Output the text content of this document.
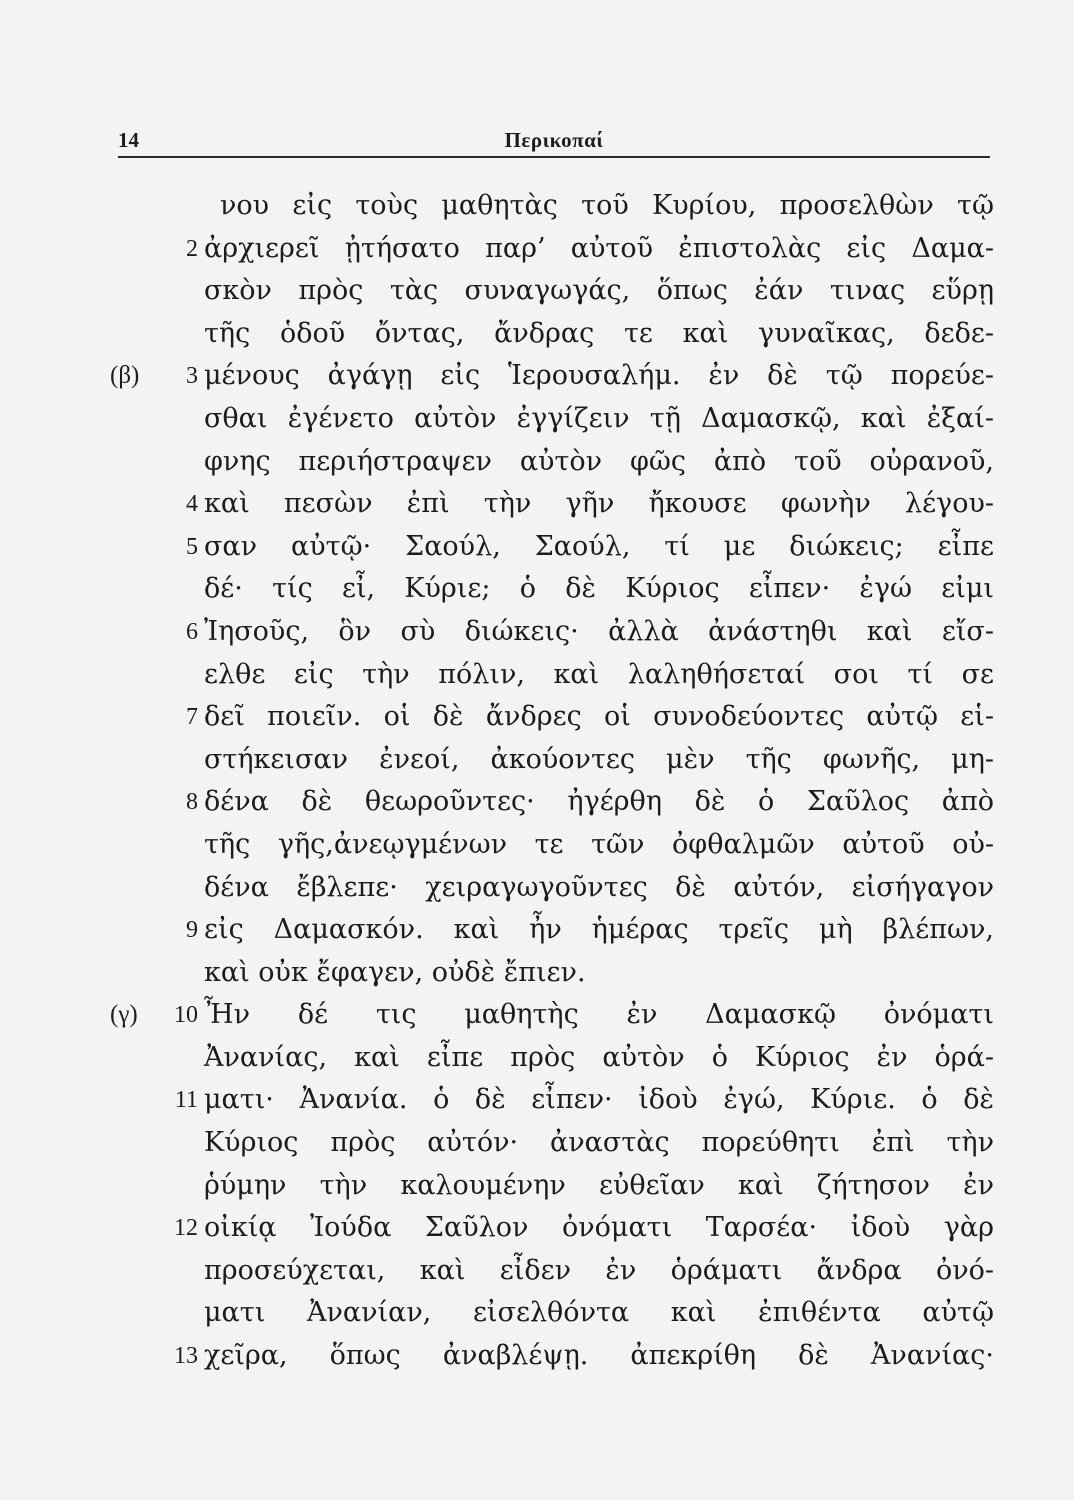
14	Περικοπαί
νου εἰς τοὺς μαθητὰς τοῦ Κυρίου, προσελθὼν τῷ
2 ἀρχιερεῖ ᾐτήσατο παρ’ αὐτοῦ ἐπιστολὰς εἰς Δαμα-
σκὸν πρὸς τὰς συναγωγάς, ὅπως ἐάν τινας εὕρῃ
τῆς ὁδοῦ ὄντας, ἄνδρας τε καὶ γυναῖκας, δεδε-
(β)	3 μένους ἀγάγῃ εἰς Ἱερουσαλήμ. ἐν δὲ τῷ πορεύε-
σθαι ἐγένετο αὐτὸν ἐγγίζειν τῇ Δαμασκῷ, καὶ ἐξαί-
φνης περιήστραψεν αὐτὸν φῶς ἀπὸ τοῦ οὐρανοῦ,
4 καὶ πεσὼν ἐπὶ τὴν γῆν ἤκουσε φωνὴν λέγου-
5 σαν αὐτῷ· Σαούλ, Σαούλ, τί με διώκεις; εἶπε
δέ· τίς εἶ, Κύριε; ὁ δὲ Κύριος εἶπεν· ἐγώ εἰμι
6 Ἰησοῦς, ὃν σὺ διώκεις· ἀλλὰ ἀνάστηθι καὶ εἴσ-
ελθε εἰς τὴν πόλιν, καὶ λαληθήσεταί σοι τί σε
7 δεῖ ποιεῖν. οἱ δὲ ἄνδρες οἱ συνοδεύοντες αὐτῷ εἱ-
στήκεισαν ἐνεοί, ἀκούοντες μὲν τῆς φωνῆς, μη-
8 δένα δὲ θεωροῦντες· ἠγέρθη δὲ ὁ Σαῦλος ἀπὸ
τῆς γῆς,ἀνεῳγμένων τε τῶν ὀφθαλμῶν αὐτοῦ οὐ-
δένα ἔβλεπε· χειραγωγοῦντες δὲ αὐτόν, εἰσήγαγον
9 εἰς Δαμασκόν. καὶ ἦν ἡμέρας τρεῖς μὴ βλέπων,
καὶ οὐκ ἔφαγεν, οὐδὲ ἔπιεν.
(γ)	10 Ἦν δέ τις μαθητὴς ἐν Δαμασκῷ ὀνόματι
Ἀνανίας, καὶ εἶπε πρὸς αὐτὸν ὁ Κύριος ἐν ὁρά-
11 ματι· Ἀνανία. ὁ δὲ εἶπεν· ἰδοὺ ἐγώ, Κύριε. ὁ δὲ
Κύριος πρὸς αὐτόν· ἀναστὰς πορεύθητι ἐπὶ τὴν
ῥύμην τὴν καλουμένην εὐθεῖαν καὶ ζήτησον ἐν
12 οἰκίᾳ Ἰούδα Σαῦλον ὀνόματι Ταρσέα· ἰδοὺ γὰρ
προσεύχεται, καὶ εἶδεν ἐν ὁράματι ἄνδρα ὀνό-
ματι Ἀνανίαν, εἰσελθόντα καὶ ἐπιθέντα αὐτῷ
13 χεῖρα, ὅπως ἀναβλέψῃ. ἀπεκρίθη δὲ Ἀνανίας·
